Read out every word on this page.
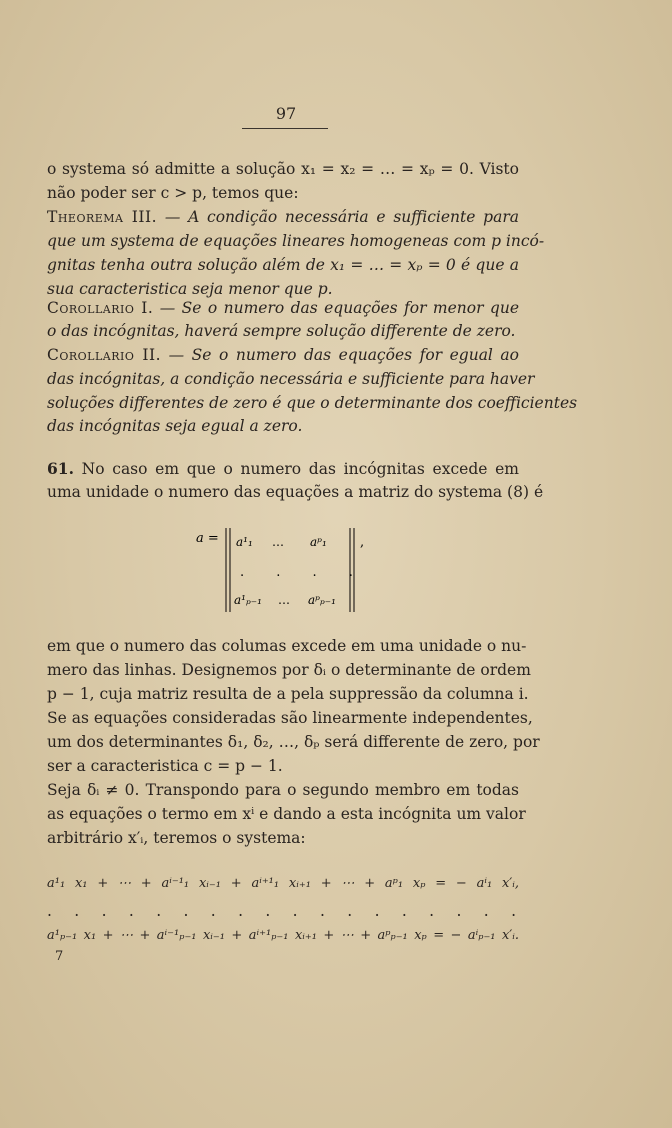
97
o systema só admitte a solução x₁ = x₂ = … = xₚ = 0. Visto
não poder ser c > p, temos que:
Theorema III. — A condição necessária e sufficiente para
que um systema de equações lineares homogeneas com p incó-
gnitas tenha outra solução além de x₁ = … = xₚ = 0 é que a
sua caracteristica seja menor que p.
Corollario I. — Se o numero das equações for menor que
o das incógnitas, haverá sempre solução differente de zero.
Corollario II. — Se o numero das equações for egual ao
das incógnitas, a condição necessária e sufficiente para haver
soluções differentes de zero é que o determinante dos coefficientes
das incógnitas seja egual a zero.
61. No caso em que o numero das incógnitas excede em
uma unidade o numero das equações a matriz do systema (8) é
a = a¹₁ … aᵖ₁
. . . .
a¹ₚ₋₁ … aᵖₚ₋₁
,
em que o numero das columas excede em uma unidade o nu-
mero das linhas. Designemos por δᵢ o determinante de ordem
p − 1, cuja matriz resulta de a pela suppressão da columna i.
Se as equações consideradas são linearmente independentes,
um dos determinantes δ₁, δ₂, …, δₚ será differente de zero, por
ser a caracteristica c = p − 1.
Seja δᵢ ≠ 0. Transpondo para o segundo membro em todas
as equações o termo em xⁱ e dando a esta incógnita um valor
arbitrário x′ᵢ, teremos o systema:
a¹₁ x₁ + ⋯ + aⁱ⁻¹₁ xᵢ₋₁ + aⁱ⁺¹₁ xᵢ₊₁ + ⋯ + aᵖ₁ xₚ = − aⁱ₁ x′ᵢ,
. . . . . . . . . . . . . . . . . .
a¹ₚ₋₁ x₁ + ⋯ + aⁱ⁻¹ₚ₋₁ xᵢ₋₁ + aⁱ⁺¹ₚ₋₁ xᵢ₊₁ + ⋯ + aᵖₚ₋₁ xₚ = − aⁱₚ₋₁ x′ᵢ.
7
